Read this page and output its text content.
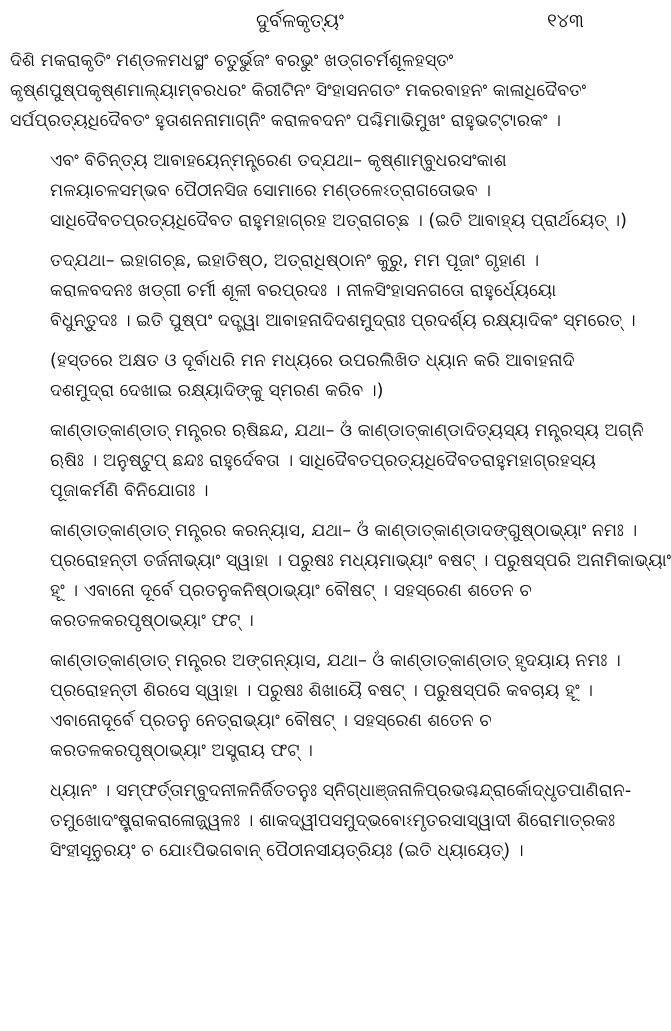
ଦୁର୍ବଳକୃତ୍ୟଂ	୧୪୩

ଦିଶି ମକରାକୃତିଂ ମଣ୍ଡଳମଧସ୍ଥଂ ଚତୁର୍ଭୁଜଂ ବରଭୁଂ ଖଡ୍‌ଗଚର୍ମଶୂଳହସ୍ତଂ
କୃଷ୍ଣପୁଷ୍ପକୃଷ୍ଣମାଲ୍ୟାମ୍ବରଧରଂ କିରୀଟିନଂ ସିଂହାସନଗତଂ ମକରବାହନଂ କାଳାଧିଦୈବତଂ
ସର୍ପପ୍ରତ୍ୟଧିଦୈବତଂ ହୁତାଶନନାମାଗ୍ନିଂ କରାଳବଦନଂ ପଶ୍ଚିମାଭିମୁଖଂ ରାହୁଭଟ୍ଟାରକଂ ।

ଏବଂ ବିଚିନ୍ତ୍ୟ ଆବାହୟେନ୍ମନ୍ତ୍ରେଣ ତଦ୍‌ଯଥା– କୃଷ୍ଣାମ୍ବୁଧରସଂକାଶ
ମଳୟାଚଳସମ୍ଭବ ପୈଠୀନସିଜ ସୋମାରେ ମଣ୍ଡଳେଽତ୍ରାଗତୋଭବ ।
ସାଧିଦୈବତପ୍ରତ୍ୟଧିଦୈବତ ରାହୁମହାଗ୍ରହ ଅତ୍ରାଗଚ୍ଛ । (ଇତି ଆବାହ୍ୟ ପ୍ରାର୍ଥୟେତ୍ ।)

ତଦ୍‌ଯଥା– ଇହାଗଚ୍ଛ, ଇହାତିଷ୍ଠ, ଅତ୍ରାଧିଷ୍ଠାନଂ କୁରୁ, ମମ ପୂଜାଂ ଗୃହାଣ ।
କରାଳବଦନଃ ଖଡ୍‌ଗୀ ଚର୍ମୀ ଶୂଳୀ ବରପ୍ରଦଃ । ନୀଳସିଂହାସନଗତୋ ରାହୁର୍ଧ୍ୟେୟୋ
ବିଧୁନ୍ତୁଦଃ । ଇତି ପୁଷ୍ପଂ ଦତ୍ତ୍ୱା ଆବାହନାଦିଦଶମୁଦ୍ରାଃ ପ୍ରଦର୍ଶ୍ୟ ରକ୍ଷ୍ୟାଦିକଂ ସ୍ମରେତ୍ ।

(ହସ୍ତରେ ଅକ୍ଷତ ଓ ଦୂର୍ବାଧରି ମନ ମଧ୍ୟରେ ଉପରଲିଖିତ ଧ୍ୟାନ କରି ଆବାହନାଦି
ଦଶମୁଦ୍ରା ଦେଖାଇ ରକ୍ଷ୍ୟାଦିଙ୍କୁ ସ୍ମରଣ କରିବ ।)

କାଣ୍ଡାତ୍‌କାଣ୍ଡାତ୍ ମନ୍ତ୍ରର ଋଷିଛନ୍ଦ, ଯଥା– ଓଁ କାଣ୍ଡାତ୍‌କାଣ୍ଡାଦିତ୍ୟସ୍ୟ ମନ୍ତ୍ରସ୍ୟ ଅଗ୍ନି
ଋଷିଃ । ଅନୁଷ୍ଟୁପ୍ ଛନ୍ଦଃ ରାହୁର୍ଦେବତା । ସାଧିଦୈବତପ୍ରତ୍ୟଧିଦୈବତରାହୁମହାଗ୍ରହସ୍ୟ
ପୂଜାକର୍ମଣି ବିନିଯୋଗଃ ।

କାଣ୍ଡାତ୍‌କାଣ୍ଡାତ୍ ମନ୍ତ୍ରର କରନ୍ୟାସ, ଯଥା– ଓଁ କାଣ୍ଡାତ୍‌କାଣ୍ଡାଦଙ୍ଗୁଷ୍ଠାଭ୍ୟାଂ ନମଃ ।
ପ୍ରରୋହନ୍ତୀ ତର୍ଜନୀଭ୍ୟାଂ ସ୍ୱାହା । ପରୁଷଃ ମଧ୍ୟମାଭ୍ୟାଂ ବଷଟ୍ । ପରୁଷସ୍ପରି ଅନାମିକାଭ୍ୟାଂ
ହୂଂ । ଏବାନୋ ଦୂର୍ବେ ପ୍ରତନୁକନିଷ୍ଠାଭ୍ୟାଂ ବୌଷଟ୍ । ସହସ୍ରେଣ ଶତେନ ଚ
କରତଳକରପୃଷ୍ଠାଭ୍ୟାଂ ଫଟ୍ ।

କାଣ୍ଡାତ୍‌କାଣ୍ଡାତ୍ ମନ୍ତ୍ରର ଅଙ୍ଗନ୍ୟାସ, ଯଥା– ଓଁ କାଣ୍ଡାତ୍‌କାଣ୍ଡାତ୍ ହୃଦୟାୟ ନମଃ ।
ପ୍ରରୋହନ୍ତୀ ଶିରସେ ସ୍ୱାହା । ପରୁଷଃ ଶିଖାୟୈ ବଷଟ୍ । ପରୁଷସ୍ପରି କବଚାୟ ହୂଂ ।
ଏବାନୋଦୂର୍ବେ ପ୍ରତନୁ ନେତ୍ରାଭ୍ୟାଂ ବୌଷଟ୍ । ସହସ୍ରେଣ ଶତେନ ଚ
କରତଳକରପୃଷ୍ଠାଭ୍ୟାଂ ଅସ୍ତ୍ରାୟ ଫଟ୍ ।

ଧ୍ୟାନଂ । ସମ୍ଫର୍ତ୍ତାମ୍ବୁଦନୀଳନିର୍ଜିତତନୁଃ ସ୍ନିଗ୍ଧାଞ୍ଜନାଳିପ୍ରଭଶ୍ଚନ୍ଦ୍ରାର୍କୋଦ୍ଧୃତପାଣିରାନ-
ତମୁଖୋଦଂଷ୍ଟ୍ରାକରାଳୋଜ୍ଜ୍ୱଳଃ । ଶାକଦ୍ୱୀପସମୁଦ୍ଭବୋଽମୃତରସାସ୍ୱାଦୀ ଶିରୋମାତ୍ରକଃ
ସିଂହୀସୂନୁରୟଂ ଚ ଯୋଽପିଭଗବାନ୍ ପୈଠୀନସୀୟତ୍ରିୟଃ (ଇତି ଧ୍ୟାୟେତ୍) ।
